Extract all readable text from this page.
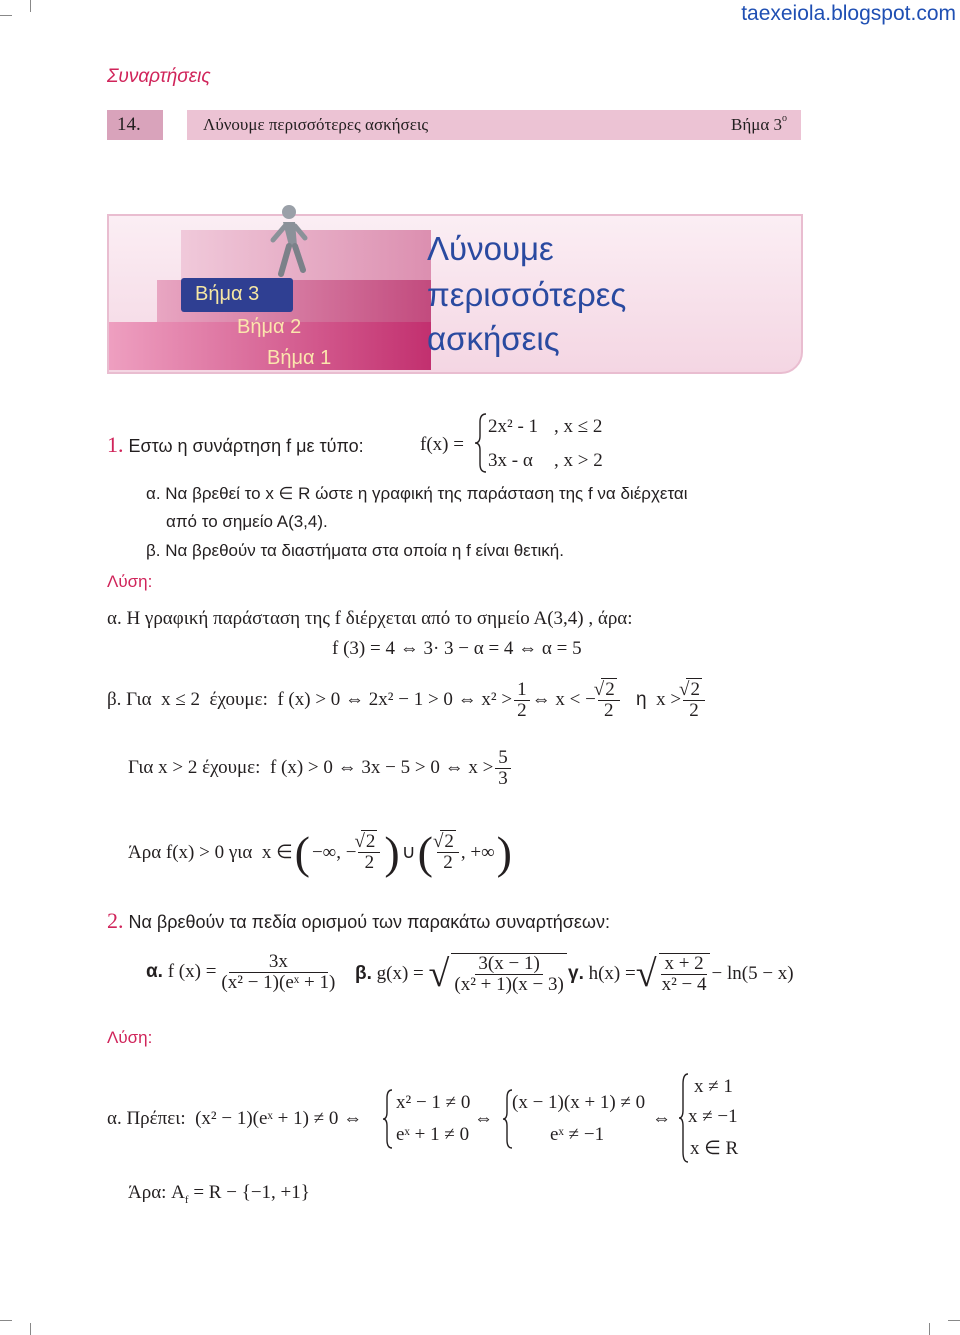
taexeiola.blogspot.com
Συναρτήσεις
14.	Λύνουμε περισσότερες ασκήσεις	Βήμα $3^o$
Βήμα 3
Βήμα 2
Βήμα 1
Λύνουμε
περισσότερες
ασκήσεις
1. Εστω η συνάρτηση f με τύπο:	f(x) =
2x² - 1 , x ≤ 2
3x - α , x > 2
α. Να βρεθεί το x ∈ R ώστε η γραφική της παράσταση της f να διέρχεται
από το σημείο Α(3,4).
β. Να βρεθούν τα διαστήματα στα οποία η f είναι θετική.
Λύση:
α. Η γραφική παράσταση της f διέρχεται από το σημείο Α(3,4) , άρα:
f (3) = 4 ⇔ 3· 3 − α = 4 ⇔ α = 5
β. Για
x ≤ 2
έχουμε:
f (x) > 0 ⇔ 2x² − 1 > 0 ⇔ $x^2 > \frac{1}{2}$ ⇔ x < − √ $\frac{2}{2}$
η
x > √ $\frac{2}{2}$
Για x > 2 έχουμε:
f (x) > 0 ⇔ 3x − 5 > 0 ⇔ $x > \frac{5}{3}$
Άρα f(x) > 0 για
x ∈ ( −∞, − √ $\frac{2}{2}$ ) ∪ ( √ $\frac{2}{2}$ , +∞ )
2. Να βρεθούν τα πεδία ορισμού των παρακάτω συναρτήσεων:
α.
f $(x) = \frac{3x}{\text{(x² − 1)(eˣ + 1)}} \beta$.
g(x) =
√ $\frac{3(x - 1)}{\text{(x² + 1)(x − 3)}} \gamma$.
h(x) = √ $\frac{x + 2}{\text{x² − 4}} - \ln(5 - x)$
Λύση:
α. Πρέπει: (x² − 1)(eˣ + 1) ≠ 0 ⇔
x² − 1 ≠ 0
eˣ + 1 ≠ 0
⇔
(x − 1)(x + 1) ≠ 0
eˣ ≠ −1
⇔
x ≠ 1
x ≠ −1
x ∈ R
Άρα: $A_f = R - \{-1$, +1}
